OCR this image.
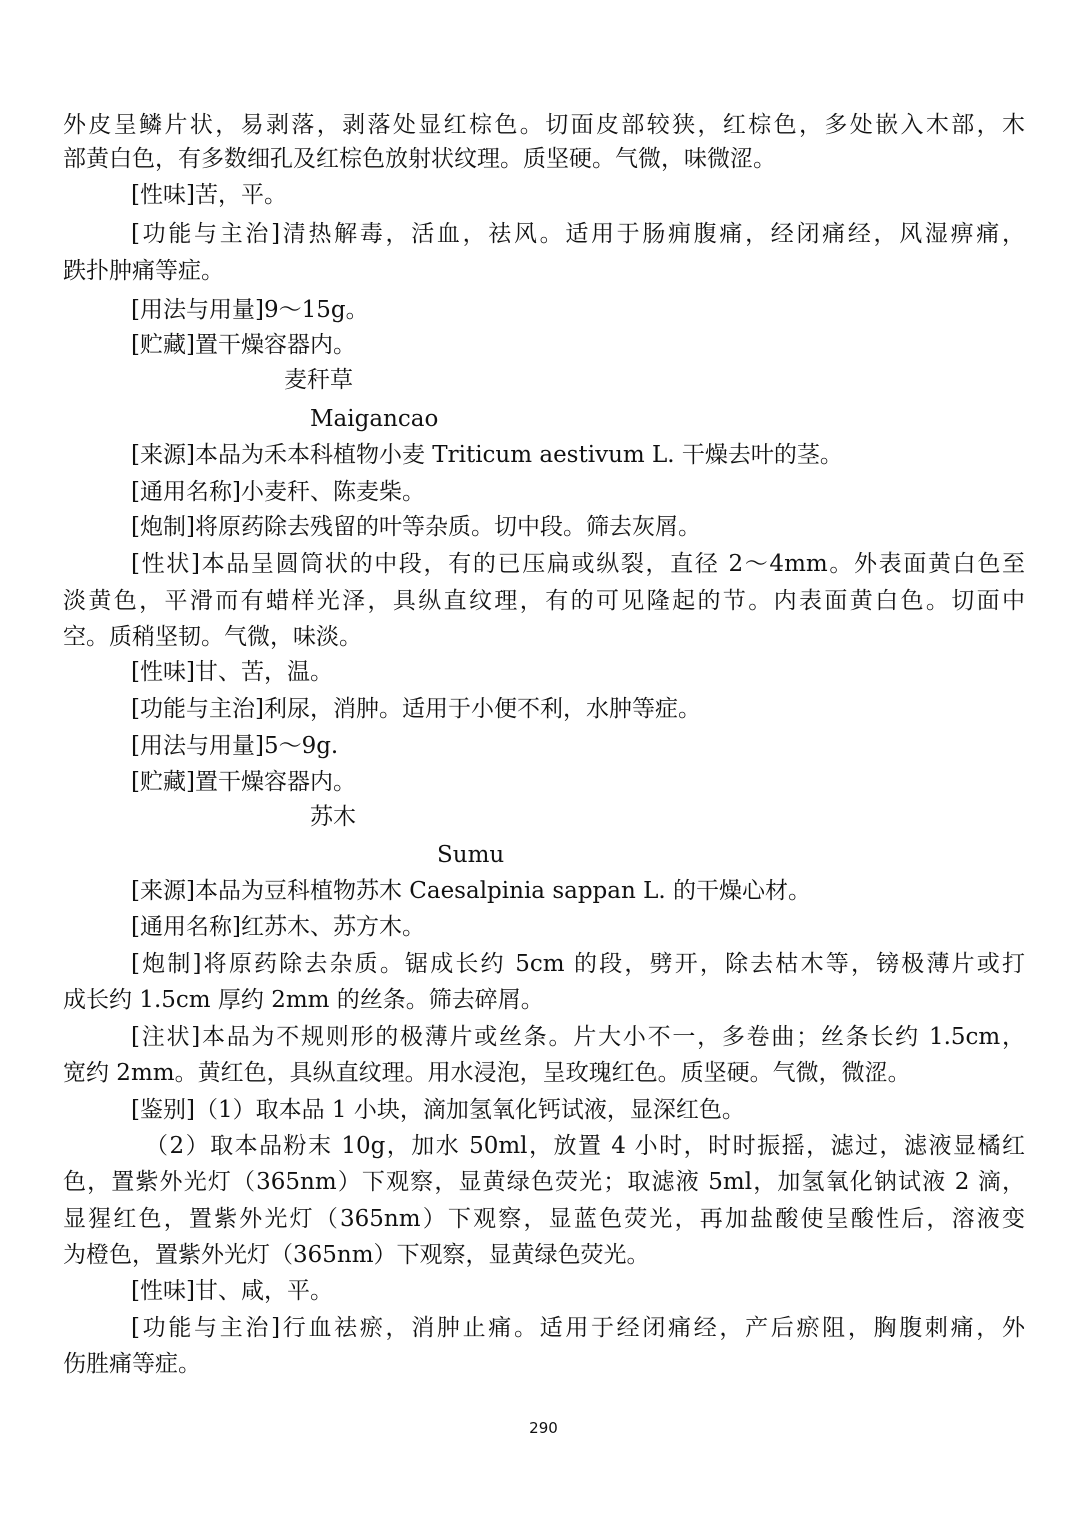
外皮呈鳞片状，易剥落，剥落处显红棕色。切面皮部较狭，红棕色，多处嵌入木部，木
部黄白色，有多数细孔及红棕色放射状纹理。质坚硬。气微，味微涩。
[性味]苦，平。
[功能与主治]清热解毒，活血，祛风。适用于肠痈腹痛，经闭痛经，风湿痹痛，
跌扑肿痛等症。
[用法与用量]9～15g。
[贮藏]置干燥容器内。
麦秆草
Maigancao
[来源]本品为禾本科植物小麦 Triticum aestivum L. 干燥去叶的茎。
[通用名称]小麦秆、陈麦柴。
[炮制]将原药除去残留的叶等杂质。切中段。筛去灰屑。
[性状]本品呈圆筒状的中段，有的已压扁或纵裂，直径 2～4mm。外表面黄白色至
淡黄色，平滑而有蜡样光泽，具纵直纹理，有的可见隆起的节。内表面黄白色。切面中
空。质稍坚韧。气微，味淡。
[性味]甘、苦，温。
[功能与主治]利尿，消肿。适用于小便不利，水肿等症。
[用法与用量]5～9g.
[贮藏]置干燥容器内。
苏木
Sumu
[来源]本品为豆科植物苏木 Caesalpinia sappan L. 的干燥心材。
[通用名称]红苏木、苏方木。
[炮制]将原药除去杂质。锯成长约 5cm 的段，劈开，除去枯木等，镑极薄片或打
成长约 1.5cm 厚约 2mm 的丝条。筛去碎屑。
[注状]本品为不规则形的极薄片或丝条。片大小不一，多卷曲；丝条长约 1.5cm，
宽约 2mm。黄红色，具纵直纹理。用水浸泡，呈玫瑰红色。质坚硬。气微，微涩。
[鉴别]（1）取本品 1 小块，滴加氢氧化钙试液，显深红色。
（2）取本品粉末 10g，加水 50ml，放置 4 小时，时时振摇，滤过，滤液显橘红
色，置紫外光灯（365nm）下观察，显黄绿色荧光；取滤液 5ml，加氢氧化钠试液 2 滴，
显猩红色，置紫外光灯（365nm）下观察，显蓝色荧光，再加盐酸使呈酸性后，溶液变
为橙色，置紫外光灯（365nm）下观察，显黄绿色荧光。
[性味]甘、咸，平。
[功能与主治]行血祛瘀，消肿止痛。适用于经闭痛经，产后瘀阻，胸腹刺痛，外
伤胜痛等症。
290
